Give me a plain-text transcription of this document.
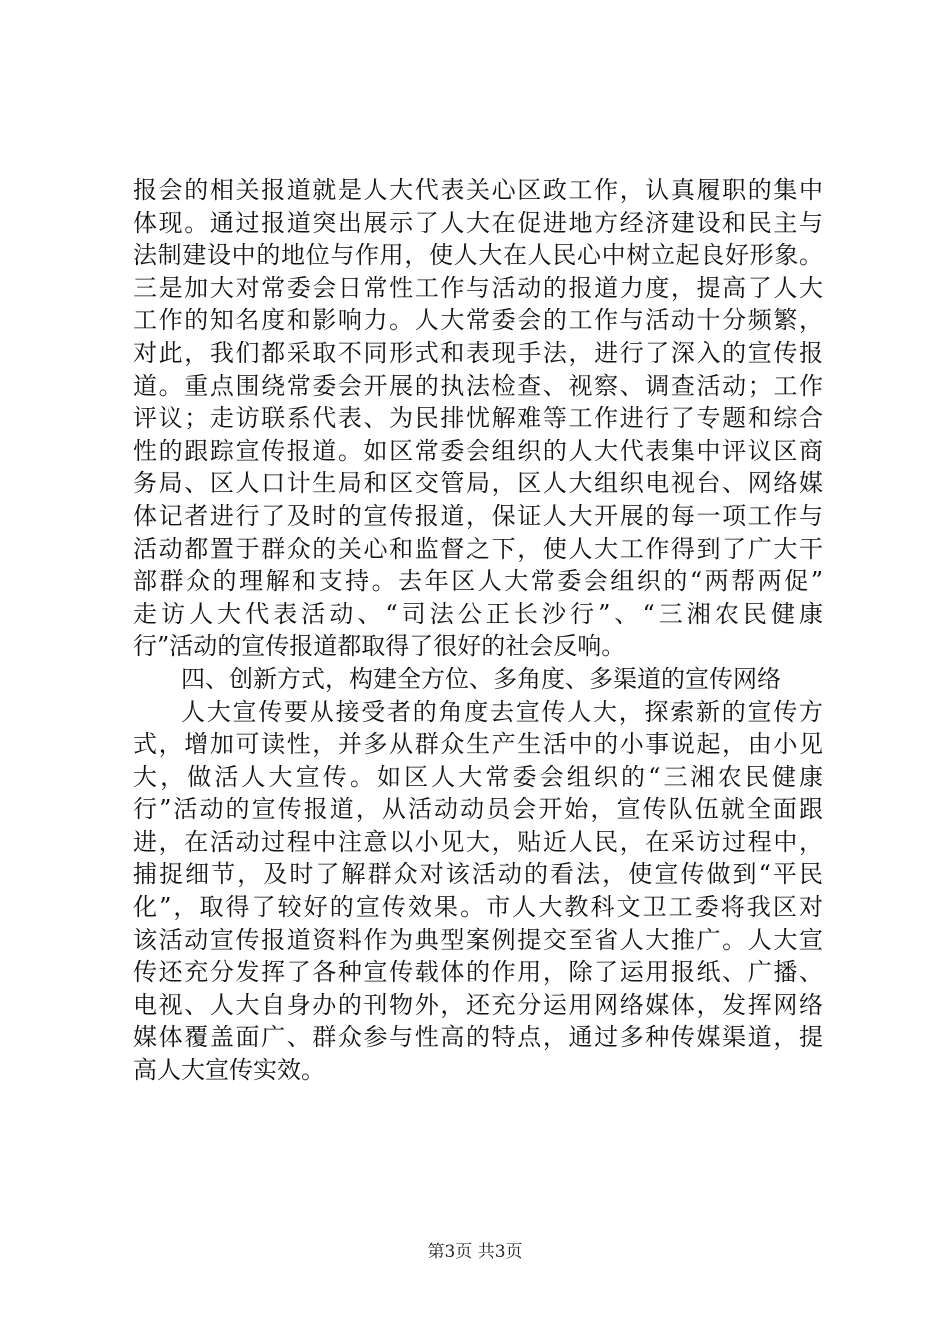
报会的相关报道就是人大代表关心区政工作，认真履职的集中
体现。通过报道突出展示了人大在促进地方经济建设和民主与
法制建设中的地位与作用，使人大在人民心中树立起良好形象。
三是加大对常委会日常性工作与活动的报道力度，提高了人大
工作的知名度和影响力。人大常委会的工作与活动十分频繁，
对此，我们都采取不同形式和表现手法，进行了深入的宣传报
道。重点围绕常委会开展的执法检查、视察、调查活动；工作
评议；走访联系代表、为民排忧解难等工作进行了专题和综合
性的跟踪宣传报道。如区常委会组织的人大代表集中评议区商
务局、区人口计生局和区交管局，区人大组织电视台、网络媒
体记者进行了及时的宣传报道，保证人大开展的每一项工作与
活动都置于群众的关心和监督之下，使人大工作得到了广大干
部群众的理解和支持。去年区人大常委会组织的“两帮两促”
走访人大代表活动、“司法公正长沙行”、“三湘农民健康
行”活动的宣传报道都取得了很好的社会反响。
四、创新方式，构建全方位、多角度、多渠道的宣传网络
人大宣传要从接受者的角度去宣传人大，探索新的宣传方
式，增加可读性，并多从群众生产生活中的小事说起，由小见
大，做活人大宣传。如区人大常委会组织的“三湘农民健康
行”活动的宣传报道，从活动动员会开始，宣传队伍就全面跟
进，在活动过程中注意以小见大，贴近人民，在采访过程中，
捕捉细节，及时了解群众对该活动的看法，使宣传做到“平民
化”，取得了较好的宣传效果。市人大教科文卫工委将我区对
该活动宣传报道资料作为典型案例提交至省人大推广。人大宣
传还充分发挥了各种宣传载体的作用，除了运用报纸、广播、
电视、人大自身办的刊物外，还充分运用网络媒体，发挥网络
媒体覆盖面广、群众参与性高的特点，通过多种传媒渠道，提
高人大宣传实效。
第3页 共3页
